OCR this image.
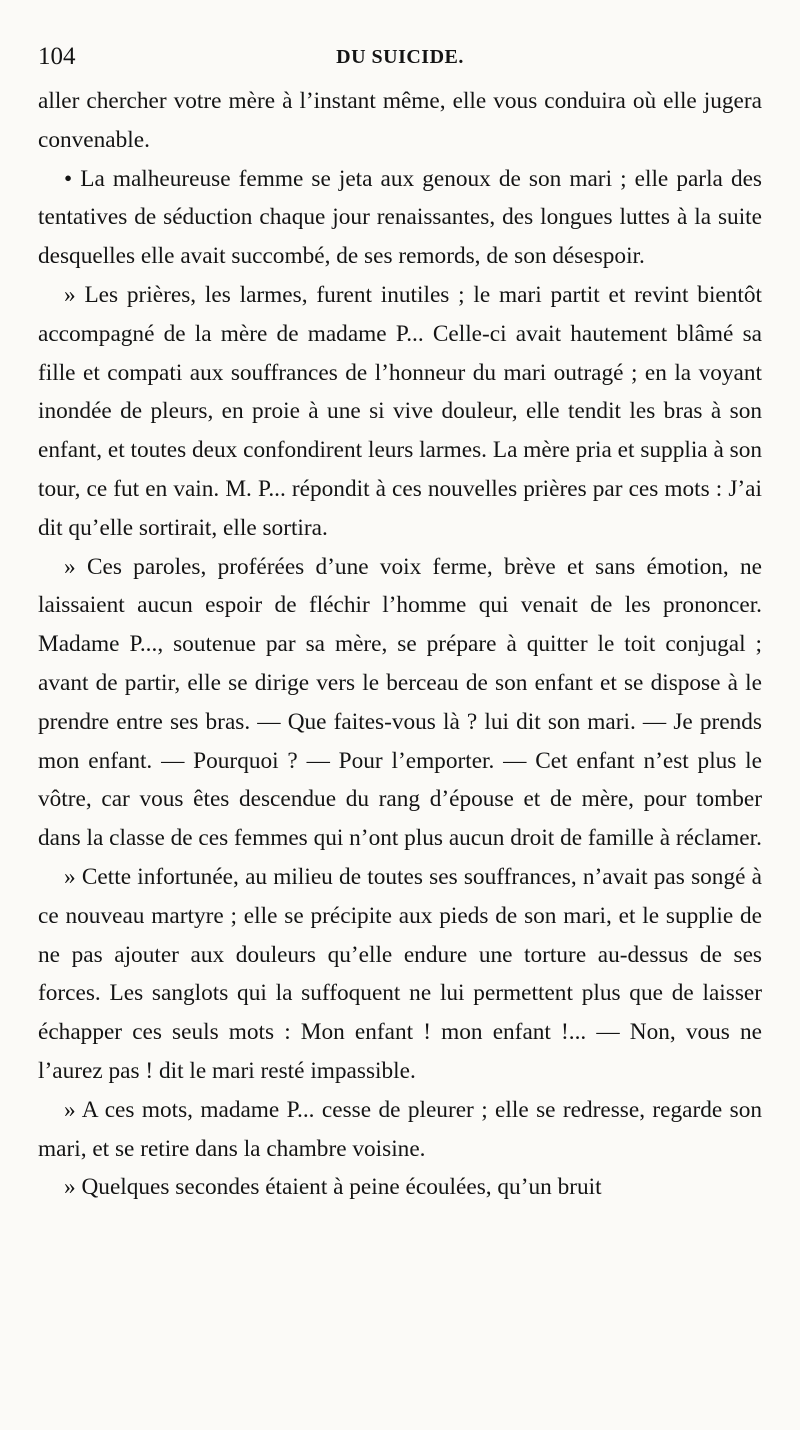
104	DU SUICIDE.

aller chercher votre mère à l’instant même, elle vous conduira où elle jugera convenable.

• La malheureuse femme se jeta aux genoux de son mari ; elle parla des tentatives de séduction chaque jour renaissantes, des longues luttes à la suite desquelles elle avait succombé, de ses remords, de son désespoir.

» Les prières, les larmes, furent inutiles ; le mari partit et revint bientôt accompagné de la mère de madame P... Celle-ci avait hautement blâmé sa fille et compati aux souffrances de l’honneur du mari outragé ; en la voyant inondée de pleurs, en proie à une si vive douleur, elle tendit les bras à son enfant, et toutes deux confondirent leurs larmes. La mère pria et supplia à son tour, ce fut en vain. M. P... répondit à ces nouvelles prières par ces mots : J’ai dit qu’elle sortirait, elle sortira.

» Ces paroles, proférées d’une voix ferme, brève et sans émotion, ne laissaient aucun espoir de fléchir l’homme qui venait de les prononcer. Madame P..., soutenue par sa mère, se prépare à quitter le toit conjugal ; avant de partir, elle se dirige vers le berceau de son enfant et se dispose à le prendre entre ses bras. — Que faites-vous là ? lui dit son mari. — Je prends mon enfant. — Pourquoi ? — Pour l’emporter. — Cet enfant n’est plus le vôtre, car vous êtes descendue du rang d’épouse et de mère, pour tomber dans la classe de ces femmes qui n’ont plus aucun droit de famille à réclamer.

» Cette infortunée, au milieu de toutes ses souffrances, n’avait pas songé à ce nouveau martyre ; elle se précipite aux pieds de son mari, et le supplie de ne pas ajouter aux douleurs qu’elle endure une torture au-dessus de ses forces. Les sanglots qui la suffoquent ne lui permettent plus que de laisser échapper ces seuls mots : Mon enfant ! mon enfant !... — Non, vous ne l’aurez pas ! dit le mari resté impassible.

» A ces mots, madame P... cesse de pleurer ; elle se redresse, regarde son mari, et se retire dans la chambre voisine.

» Quelques secondes étaient à peine écoulées, qu’un bruit
